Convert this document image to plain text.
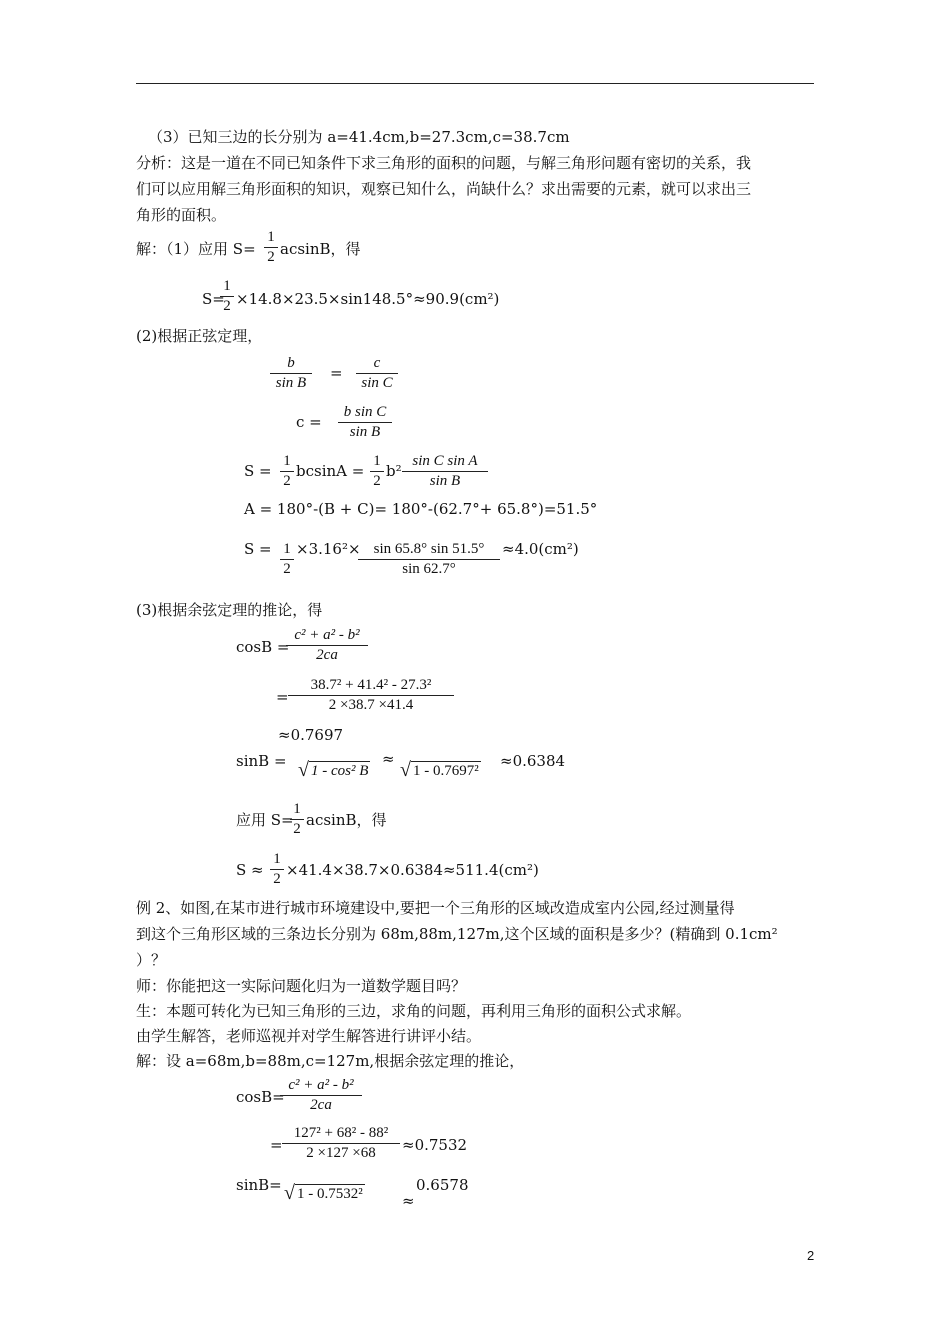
（3）已知三边的长分别为 a=41.4cm,b=27.3cm,c=38.7cm
分析：这是一道在不同已知条件下求三角形的面积的问题，与解三角形问题有密切的关系，我
们可以应用解三角形面积的知识，观察已知什么，尚缺什么？求出需要的元素，就可以求出三
角形的面积。
解：（1）应用 S=
1
2 acsinB，得
S=
1
2 ×14.8×23.5×sin148.5°≈90.9(cm²)
(2)根据正弦定理，
b
sin B
=
c
sin C
c =
b sin C
sin B
S =
1
2
bcsinA =
1
2
b²
sin C sin A
sin B
A = 180°-(B + C)= 180°-(62.7°+ 65.8°)=51.5°
S = 1
2
×3.16²× sin 65.8° sin 51.5°
sin 62.7°
≈4.0(cm²)
(3)根据余弦定理的推论，得
cosB =
c² + a² - b²
2ca
=
38.7² + 41.4² - 27.3²
2 ×38.7 ×41.4
≈0.7697
sinB = √ 1 - cos² B
≈ √ 1 - 0.7697²
≈0.6384
应用 S=
1
2 acsinB，得
S ≈
1
2 ×41.4×38.7×0.6384≈511.4(cm²)
例 2、如图,在某市进行城市环境建设中,要把一个三角形的区域改造成室内公园,经过测量得
到这个三角形区域的三条边长分别为 68m,88m,127m,这个区域的面积是多少？(精确到 0.1cm²
）？
师：你能把这一实际问题化归为一道数学题目吗？
生：本题可转化为已知三角形的三边，求角的问题，再利用三角形的面积公式求解。
由学生解答，老师巡视并对学生解答进行讲评小结。
解：设 a=68m,b=88m,c=127m,根据余弦定理的推论，
cosB=
c² + a² - b²
2ca
=
127² + 68² - 88²
2 ×127 ×68	≈0.7532
sinB= √ 1 - 0.7532²	0.6578
≈
2
